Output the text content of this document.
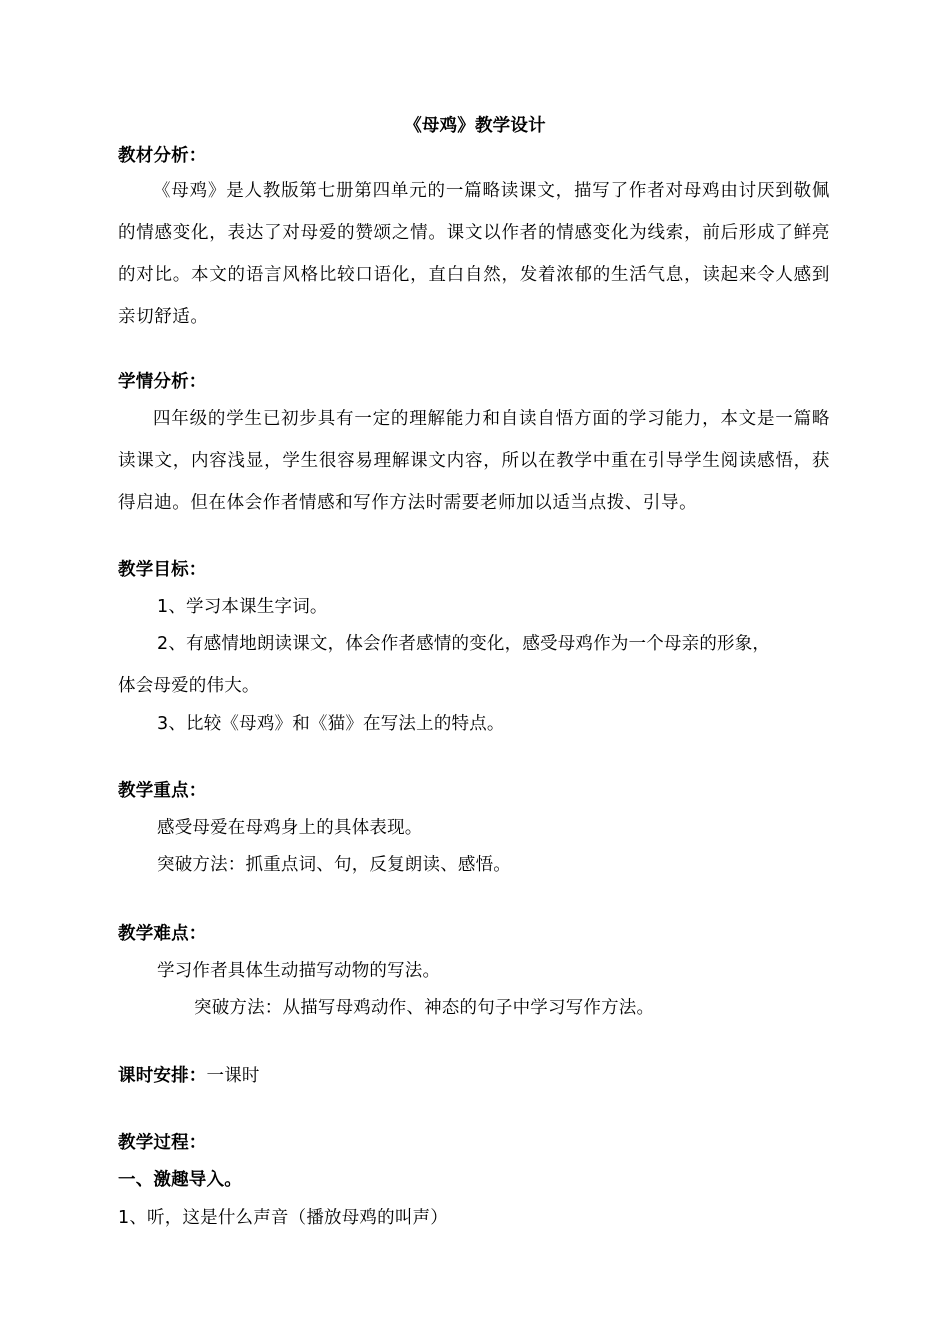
《母鸡》教学设计
教材分析：
《母鸡》是人教版第七册第四单元的一篇略读课文，描写了作者对母鸡由讨厌到敬佩的情感变化，表达了对母爱的赞颂之情。课文以作者的情感变化为线索，前后形成了鲜亮的对比。本文的语言风格比较口语化，直白自然，发着浓郁的生活气息，读起来令人感到亲切舒适。
学情分析：
四年级的学生已初步具有一定的理解能力和自读自悟方面的学习能力，本文是一篇略读课文，内容浅显，学生很容易理解课文内容，所以在教学中重在引导学生阅读感悟，获得启迪。但在体会作者情感和写作方法时需要老师加以适当点拨、引导。
教学目标：
1、学习本课生字词。
2、有感情地朗读课文，体会作者感情的变化，感受母鸡作为一个母亲的形象，
体会母爱的伟大。
3、比较《母鸡》和《猫》在写法上的特点。
教学重点：
感受母爱在母鸡身上的具体表现。
突破方法：抓重点词、句，反复朗读、感悟。
教学难点：
学习作者具体生动描写动物的写法。
突破方法：从描写母鸡动作、神态的句子中学习写作方法。
课时安排：一课时
教学过程：
一、激趣导入。
1、听，这是什么声音（播放母鸡的叫声）
